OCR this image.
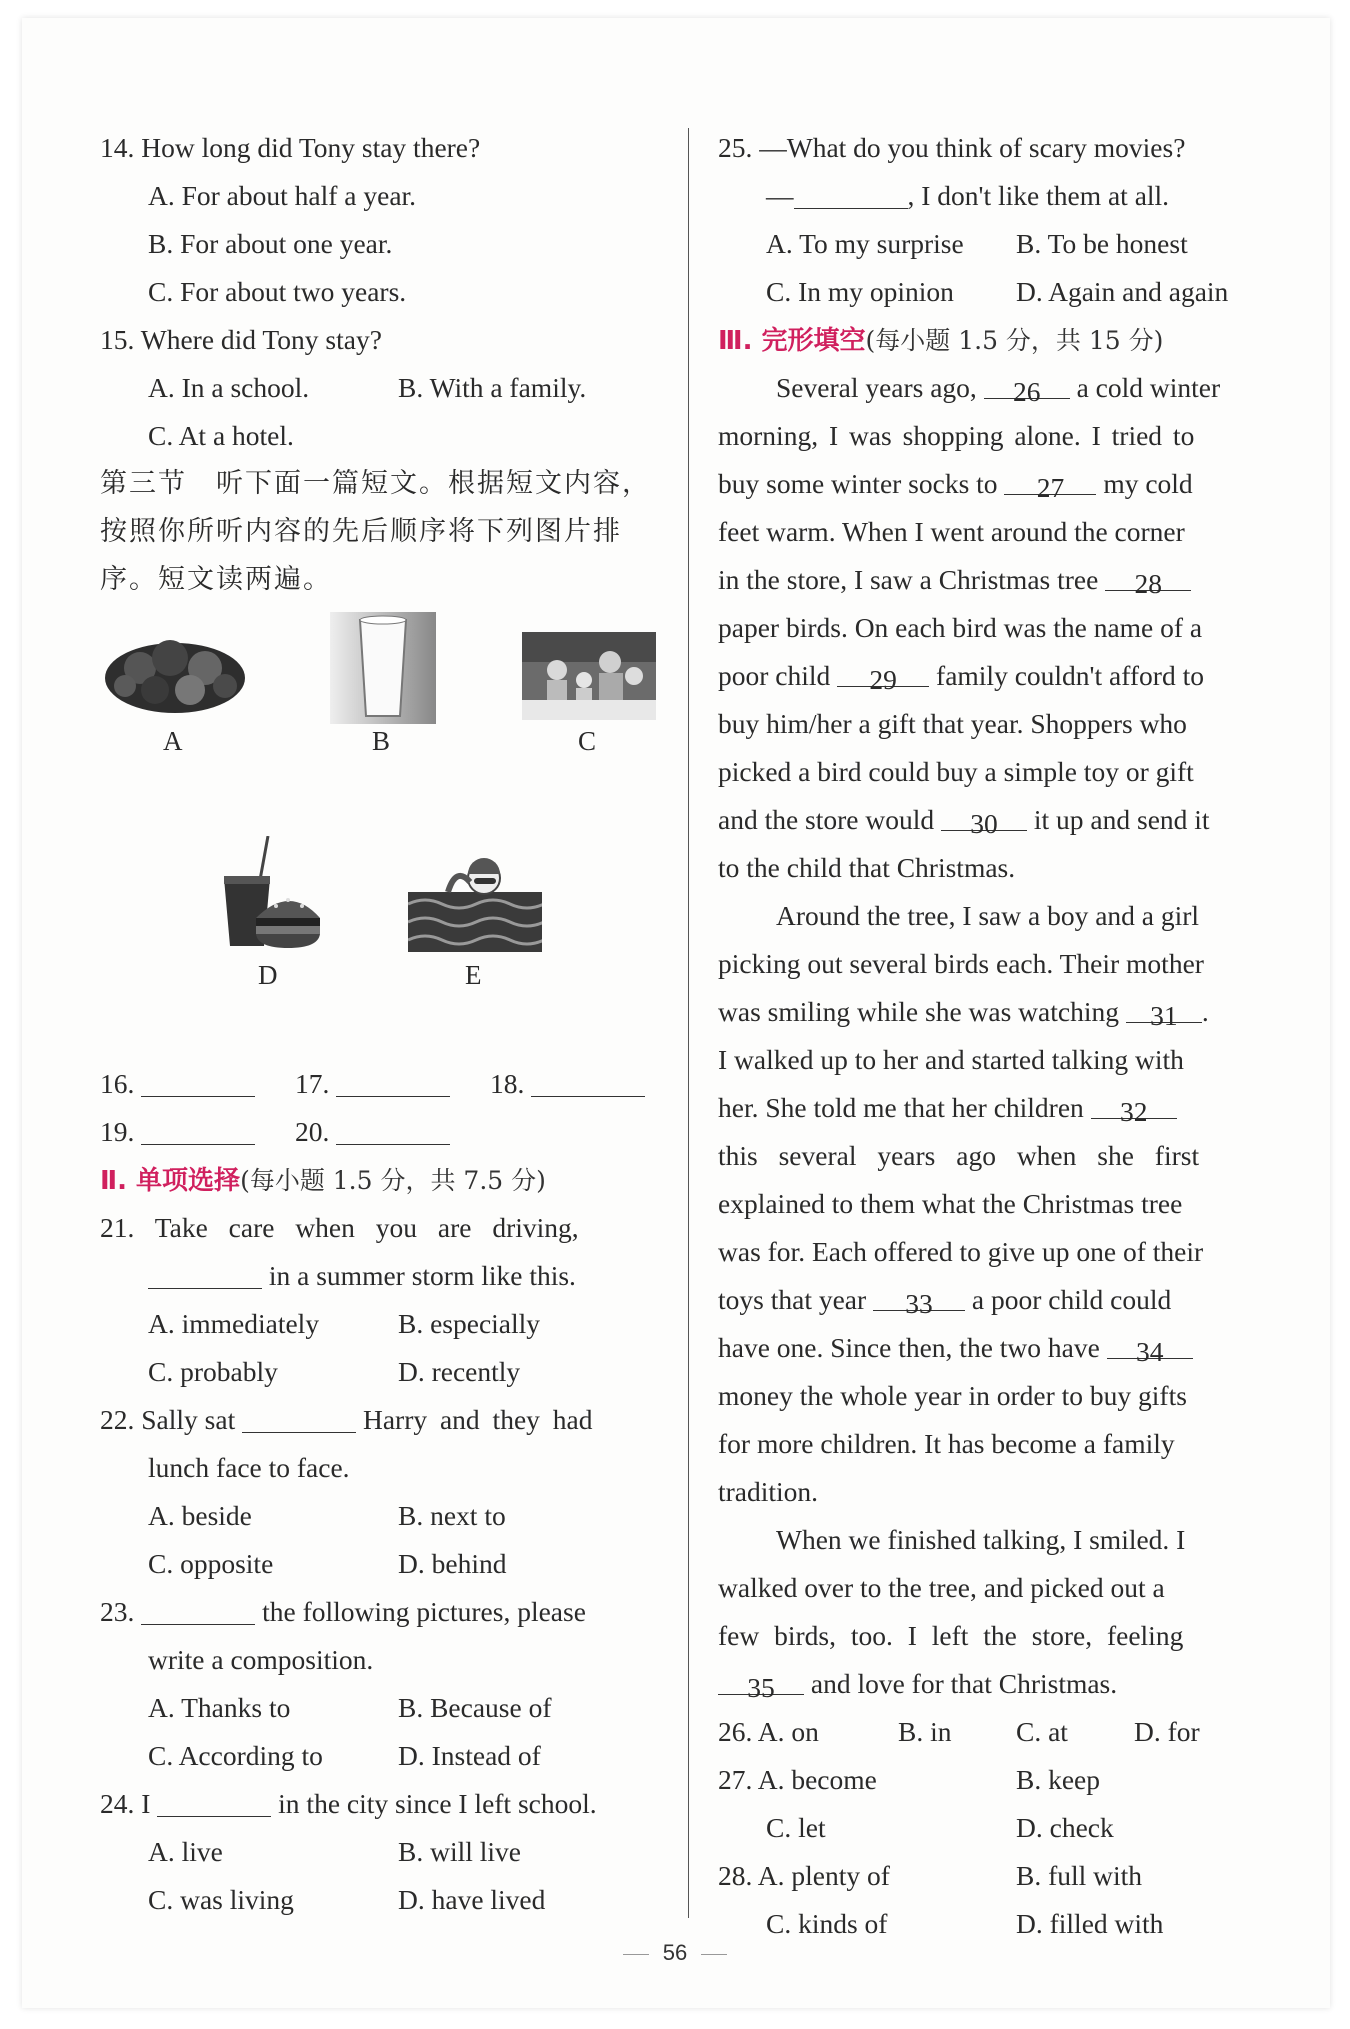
14. How long did Tony stay there?
A. For about half a year.
B. For about one year.
C. For about two years.
15. Where did Tony stay?
A. In a school.	B. With a family.
C. At a hotel.
第三节　听下面一篇短文。根据短文内容，
按照你所听内容的先后顺序将下列图片排
序。短文读两遍。
A	B	C
D	E
16.	17.	18.
19.	20.
Ⅱ. 单项选择(每小题 1.5 分，共 7.5 分)
21. Take care when you are driving,
in a summer storm like this.
A. immediately	B. especially
C. probably	D. recently
22. Sally sat	Harry and they had
lunch face to face.
A. beside	B. next to
C. opposite	D. behind
23.	the following pictures, please
write a composition.
A. Thanks to	B. Because of
C. According to	D. Instead of
24. I	in the city since I left school.
A. live	B. will live
C. was living	D. have lived
25. —What do you think of scary movies?
—	, I don't like them at all.
A. To my surprise B. To be honest
C. In my opinion D. Again and again
Ⅲ. 完形填空(每小题 1.5 分，共 15 分)
Several years ago, 26 a cold winter
morning, I was shopping alone. I tried to
buy some winter socks to 27 my cold
feet warm. When I went around the corner
in the store, I saw a Christmas tree 28
paper birds. On each bird was the name of a
poor child 29 family couldn't afford to
buy him/her a gift that year. Shoppers who
picked a bird could buy a simple toy or gift
and the store would 30 it up and send it
to the child that Christmas.
Around the tree, I saw a boy and a girl
picking out several birds each. Their mother
was smiling while she was watching 31 .
I walked up to her and started talking with
her. She told me that her children 32
this several years ago when she first
explained to them what the Christmas tree
was for. Each offered to give up one of their
toys that year 33 a poor child could
have one. Since then, the two have 34
money the whole year in order to buy gifts
for more children. It has become a family
tradition.
When we finished talking, I smiled. I
walked over to the tree, and picked out a
few birds, too. I left the store, feeling
35 and love for that Christmas.
26. A. on	B. in C. at D. for
27. A. become	B. keep
C. let	D. check
28. A. plenty of	B. full with
C. kinds of	D. filled with
56
